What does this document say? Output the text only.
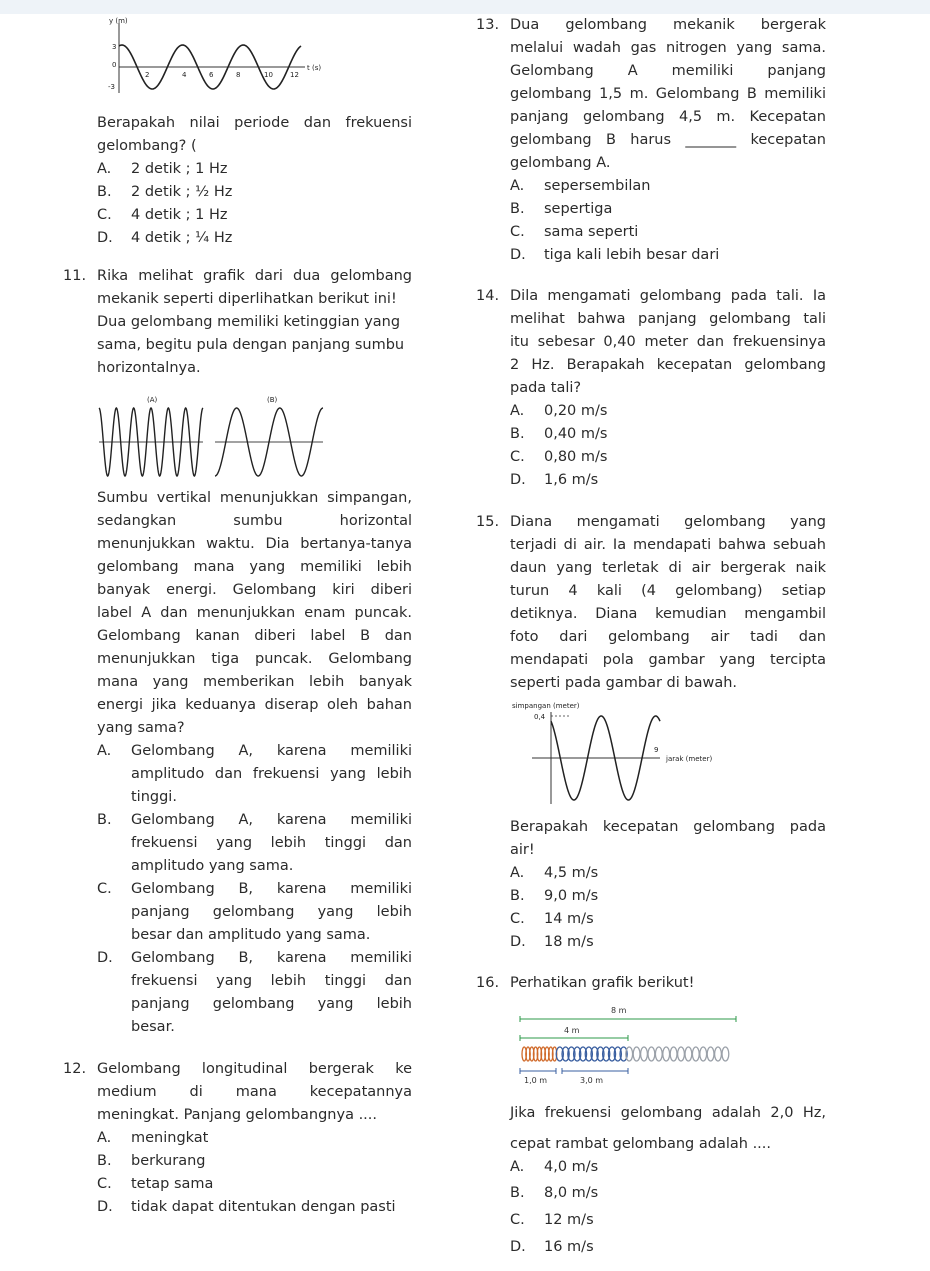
y (m)
t (s)
3
0
-3
2	4	6	8	10 12
Berapakah nilai periode dan frekuensi
gelombang? (
A. 2 detik ; 1 Hz
B. 2 detik ; ½ Hz
C. 4 detik ; 1 Hz
D. 4 detik ; ¼ Hz
11. Rika melihat grafik dari dua gelombang
mekanik seperti diperlihatkan berikut ini!
Dua gelombang memiliki ketinggian yang
sama, begitu pula dengan panjang sumbu
horizontalnya.
(A)	(B)
Sumbu vertikal menunjukkan simpangan,
sedangkan sumbu horizontal
menunjukkan waktu. Dia bertanya-tanya
gelombang mana yang memiliki lebih
banyak energi. Gelombang kiri diberi
label A dan menunjukkan enam puncak.
Gelombang kanan diberi label B dan
menunjukkan tiga puncak. Gelombang
mana yang memberikan lebih banyak
energi jika keduanya diserap oleh bahan
yang sama?
A. Gelombang A, karena memiliki
amplitudo dan frekuensi yang lebih
tinggi.
B. Gelombang A, karena memiliki
frekuensi yang lebih tinggi dan
amplitudo yang sama.
C. Gelombang B, karena memiliki
panjang gelombang yang lebih
besar dan amplitudo yang sama.
D. Gelombang B, karena memiliki
frekuensi yang lebih tinggi dan
panjang gelombang yang lebih
besar.
12. Gelombang longitudinal bergerak ke
medium di mana kecepatannya
meningkat. Panjang gelombangnya ....
A. meningkat
B. berkurang
C. tetap sama
D. tidak dapat ditentukan dengan pasti
13. Dua gelombang mekanik bergerak
melalui wadah gas nitrogen yang sama.
Gelombang A memiliki panjang
gelombang 1,5 m. Gelombang B memiliki
panjang gelombang 4,5 m. Kecepatan
gelombang B harus _______ kecepatan
gelombang A.
A. sepersembilan
B. sepertiga
C. sama seperti
D. tiga kali lebih besar dari
14. Dila mengamati gelombang pada tali. Ia
melihat bahwa panjang gelombang tali
itu sebesar 0,40 meter dan frekuensinya
2 Hz. Berapakah kecepatan gelombang
pada tali?
A. 0,20 m/s
B. 0,40 m/s
C. 0,80 m/s
D. 1,6 m/s
15. Diana mengamati gelombang yang
terjadi di air. Ia mendapati bahwa sebuah
daun yang terletak di air bergerak naik
turun 4 kali (4 gelombang) setiap
detiknya. Diana kemudian mengambil
foto dari gelombang air tadi dan
mendapati pola gambar yang tercipta
seperti pada gambar di bawah.
simpangan (meter)
0,4
9
jarak (meter)
Berapakah kecepatan gelombang pada
air!
A. 4,5 m/s
B. 9,0 m/s
C. 14 m/s
D. 18 m/s
16. Perhatikan grafik berikut!
8 m
4 m
1,0 m	3,0 m
Jika frekuensi gelombang adalah 2,0 Hz,
cepat rambat gelombang adalah ....
A. 4,0 m/s
B. 8,0 m/s
C. 12 m/s
D. 16 m/s
